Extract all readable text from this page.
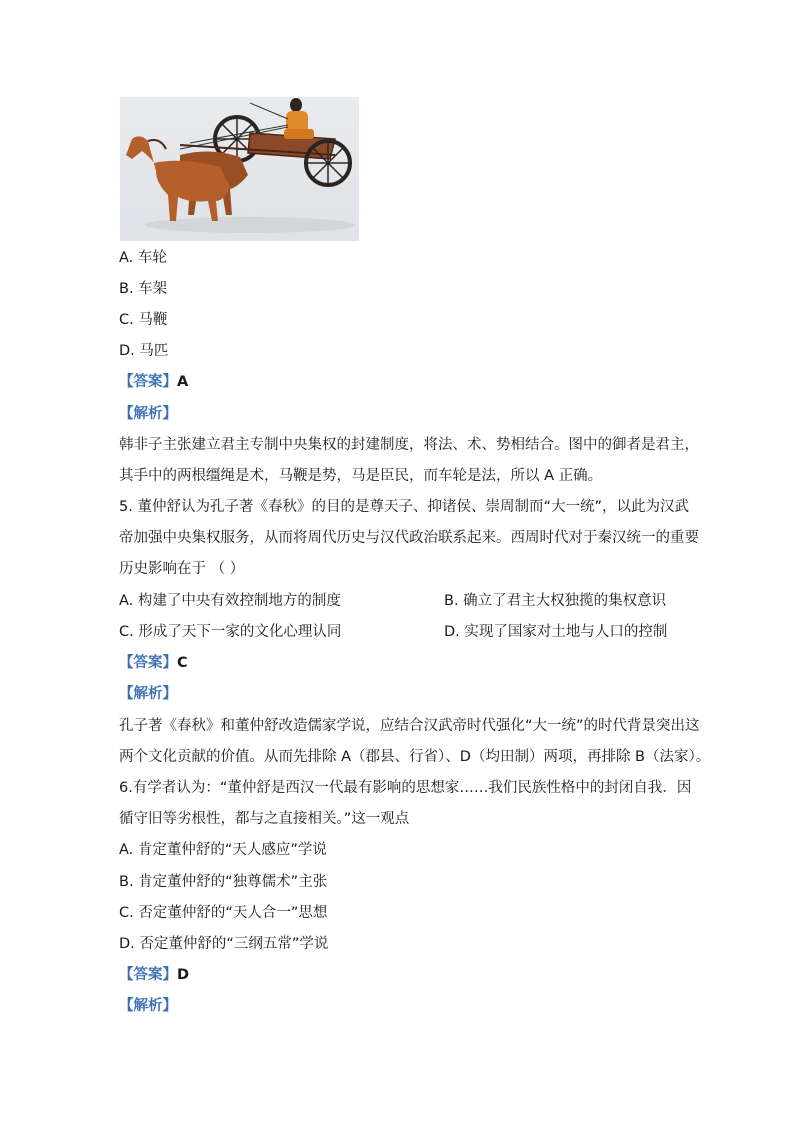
A. 车轮
B. 车架
C. 马鞭
D. 马匹
【答案】A
【解析】
韩非子主张建立君主专制中央集权的封建制度，将法、术、势相结合。图中的御者是君主，
其手中的两根缰绳是术，马鞭是势，马是臣民，而车轮是法，所以 A 正确。
5. 董仲舒认为孔子著《春秋》的目的是尊天子、抑诸侯、崇周制而“大一统”，以此为汉武
帝加强中央集权服务，从而将周代历史与汉代政治联系起来。西周时代对于秦汉统一的重要
历史影响在于 （ ）
A. 构建了中央有效控制地方的制度	B. 确立了君主大权独揽的集权意识
C. 形成了天下一家的文化心理认同	D. 实现了国家对土地与人口的控制
【答案】C
【解析】
孔子著《春秋》和董仲舒改造儒家学说，应结合汉武帝时代强化“大一统”的时代背景突出这
两个文化贡献的价值。从而先排除 A（郡县、行省）、D（均田制）两项，再排除 B（法家）。
6.有学者认为：“董仲舒是西汉一代最有影响的思想家……我们民族性格中的封闭自我．因
循守旧等劣根性，都与之直接相关。”这一观点
A. 肯定董仲舒的“天人感应”学说
B. 肯定董仲舒的“独尊儒术”主张
C. 否定董仲舒的“天人合一”思想
D. 否定董仲舒的“三纲五常”学说
【答案】D
【解析】
